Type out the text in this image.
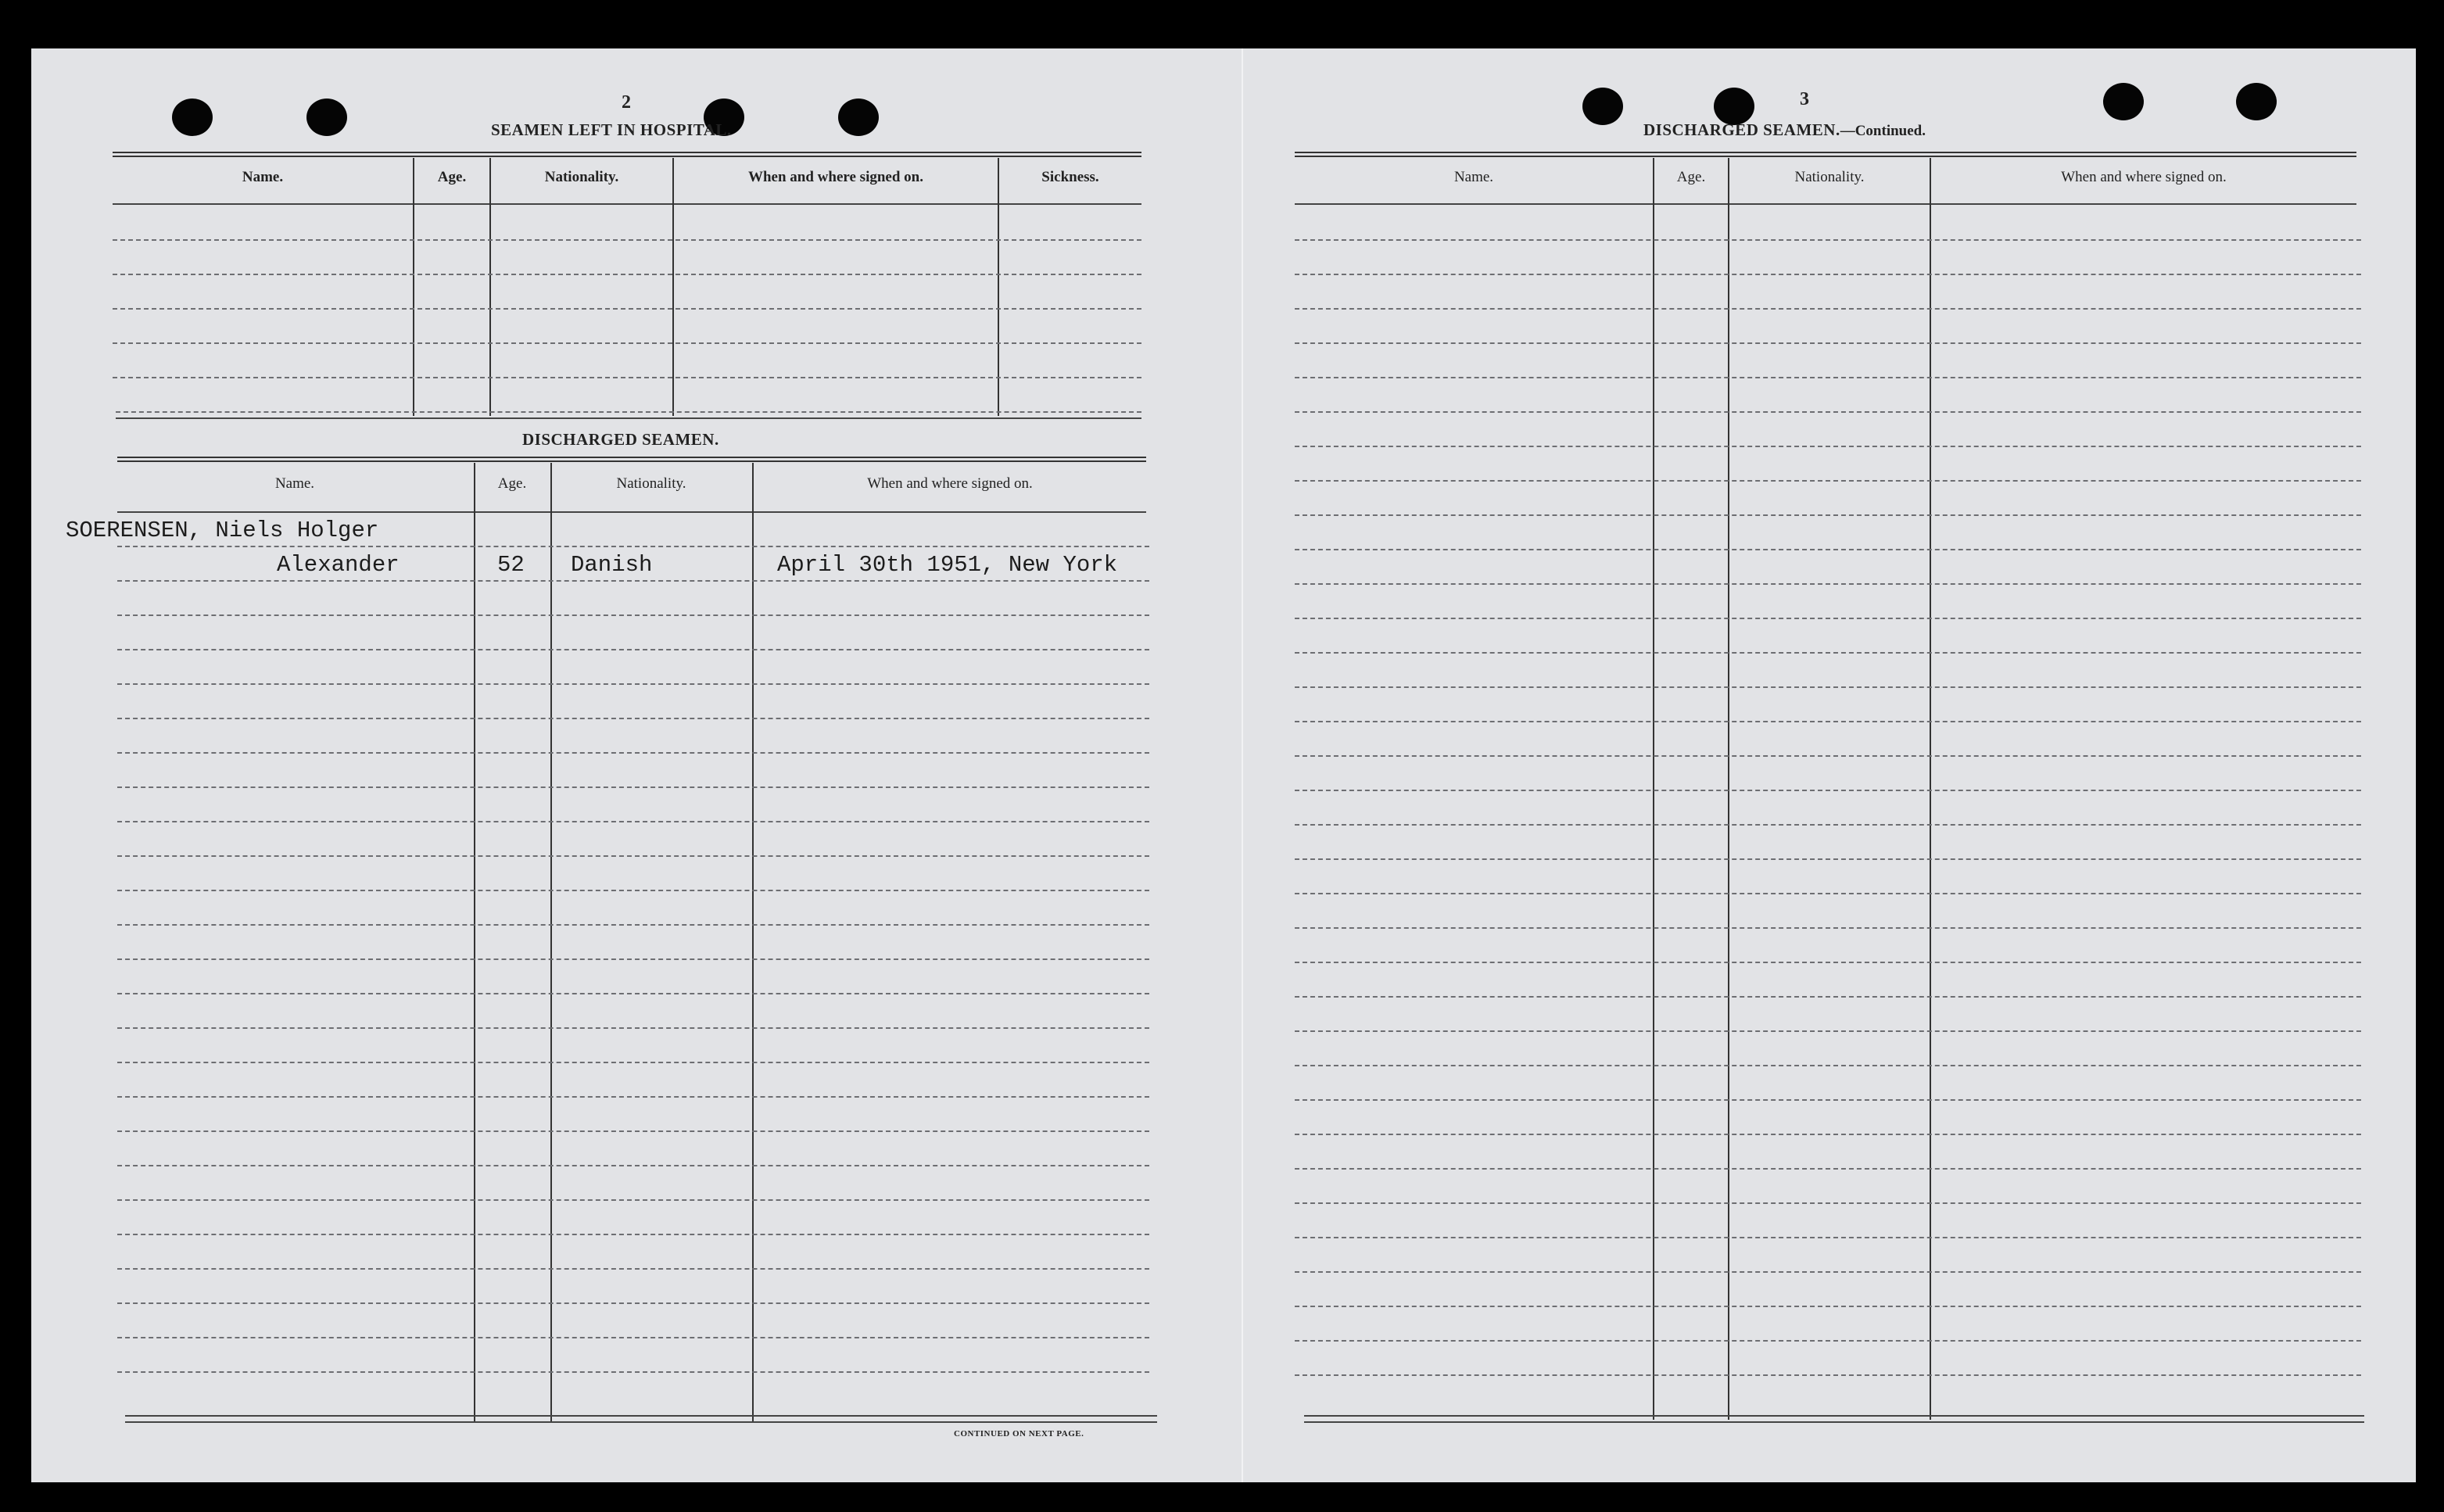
2
SEAMEN LEFT IN HOSPITAL.
Name.	Age.	Nationality.	When and where signed on.	Sickness.
DISCHARGED SEAMEN.
Name.	Age.	Nationality.	When and where signed on.
SOERENSEN, Niels Holger
Alexander	52 Danish	April 30th 1951, New York
CONTINUED ON NEXT PAGE.
3
DISCHARGED SEAMEN.—Continued.
Name.	Age.	Nationality.	When and where signed on.
